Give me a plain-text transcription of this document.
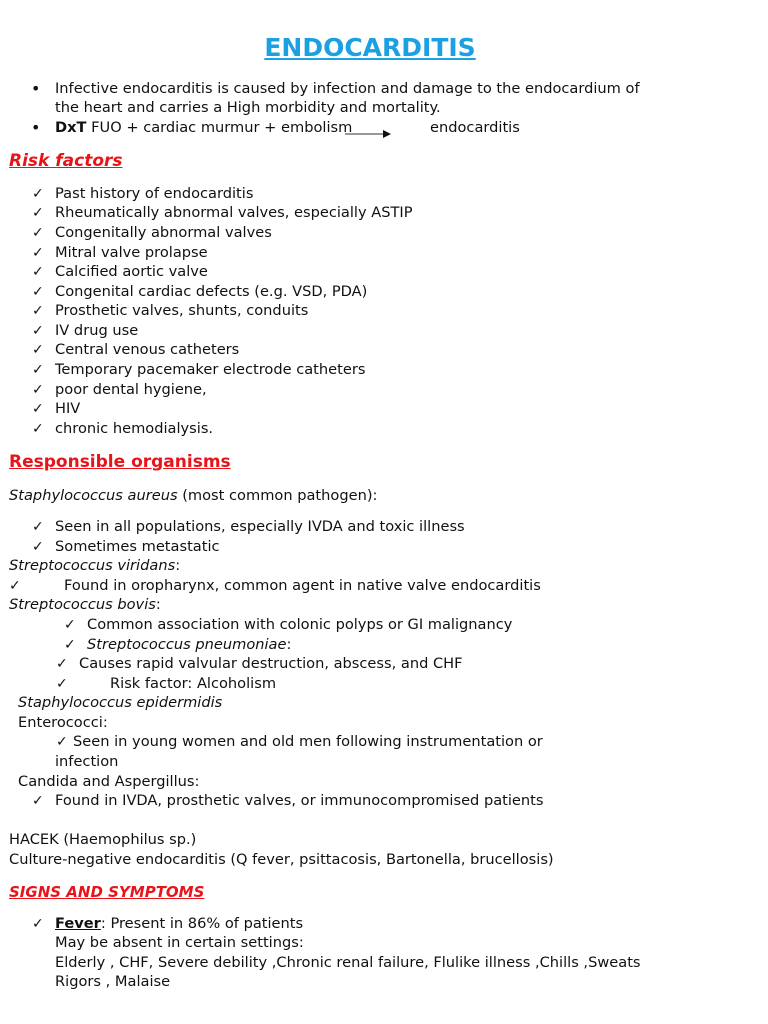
ENDOCARDITIS
• Infective endocarditis is caused by infection and damage to the endocardium of
the heart and carries a High morbidity and mortality.
• DxT FUO + cardiac murmur + embolism	endocarditis
Risk factors
✓ Past history of endocarditis
✓ Rheumatically abnormal valves, especially ASTIP
✓ Congenitally abnormal valves
✓ Mitral valve prolapse
✓ Calcified aortic valve
✓ Congenital cardiac defects (e.g. VSD, PDA)
✓ Prosthetic valves, shunts, conduits
✓ IV drug use
✓ Central venous catheters
✓ Temporary pacemaker electrode catheters
✓ poor dental hygiene,
✓ HIV
✓ chronic hemodialysis.
Responsible organisms
Staphylococcus aureus (most common pathogen):
✓ Seen in all populations, especially IVDA and toxic illness
✓ Sometimes metastatic
Streptococcus viridans:
✓	Found in oropharynx, common agent in native valve endocarditis
Streptococcus bovis:
✓ Common association with colonic polyps or GI malignancy
✓ Streptococcus pneumoniae:
✓ Causes rapid valvular destruction, abscess, and CHF
✓	Risk factor: Alcoholism
Staphylococcus epidermidis
Enterococci:
✓ Seen in young women and old men following instrumentation or
infection
Candida and Aspergillus:
✓ Found in IVDA, prosthetic valves, or immunocompromised patients
HACEK (Haemophilus sp.)
Culture-negative endocarditis (Q fever, psittacosis, Bartonella, brucellosis)
SIGNS AND SYMPTOMS
✓ Fever: Present in 86% of patients
May be absent in certain settings:
Elderly , CHF, Severe debility ,Chronic renal failure, Flulike illness ,Chills ,Sweats
Rigors , Malaise
